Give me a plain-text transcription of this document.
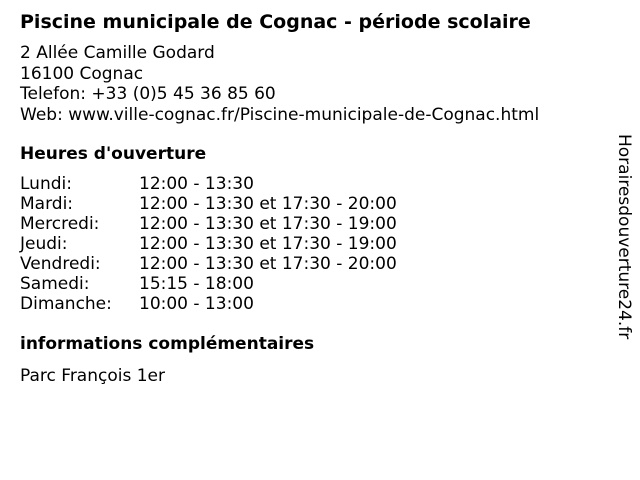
Piscine municipale de Cognac - période scolaire
2 Allée Camille Godard
16100 Cognac
Telefon: +33 (0)5 45 36 85 60
Web: www.ville-cognac.fr/Piscine-municipale-de-Cognac.html
Heures d'ouverture
Lundi:	12:00 - 13:30
Mardi:	12:00 - 13:30 et 17:30 - 20:00
Mercredi: 12:00 - 13:30 et 17:30 - 19:00
Jeudi:	12:00 - 13:30 et 17:30 - 19:00
Vendredi: 12:00 - 13:30 et 17:30 - 20:00
Samedi:	15:15 - 18:00
Dimanche: 10:00 - 13:00
informations complémentaires
Parc François 1er
Horairesdouverture24.fr
